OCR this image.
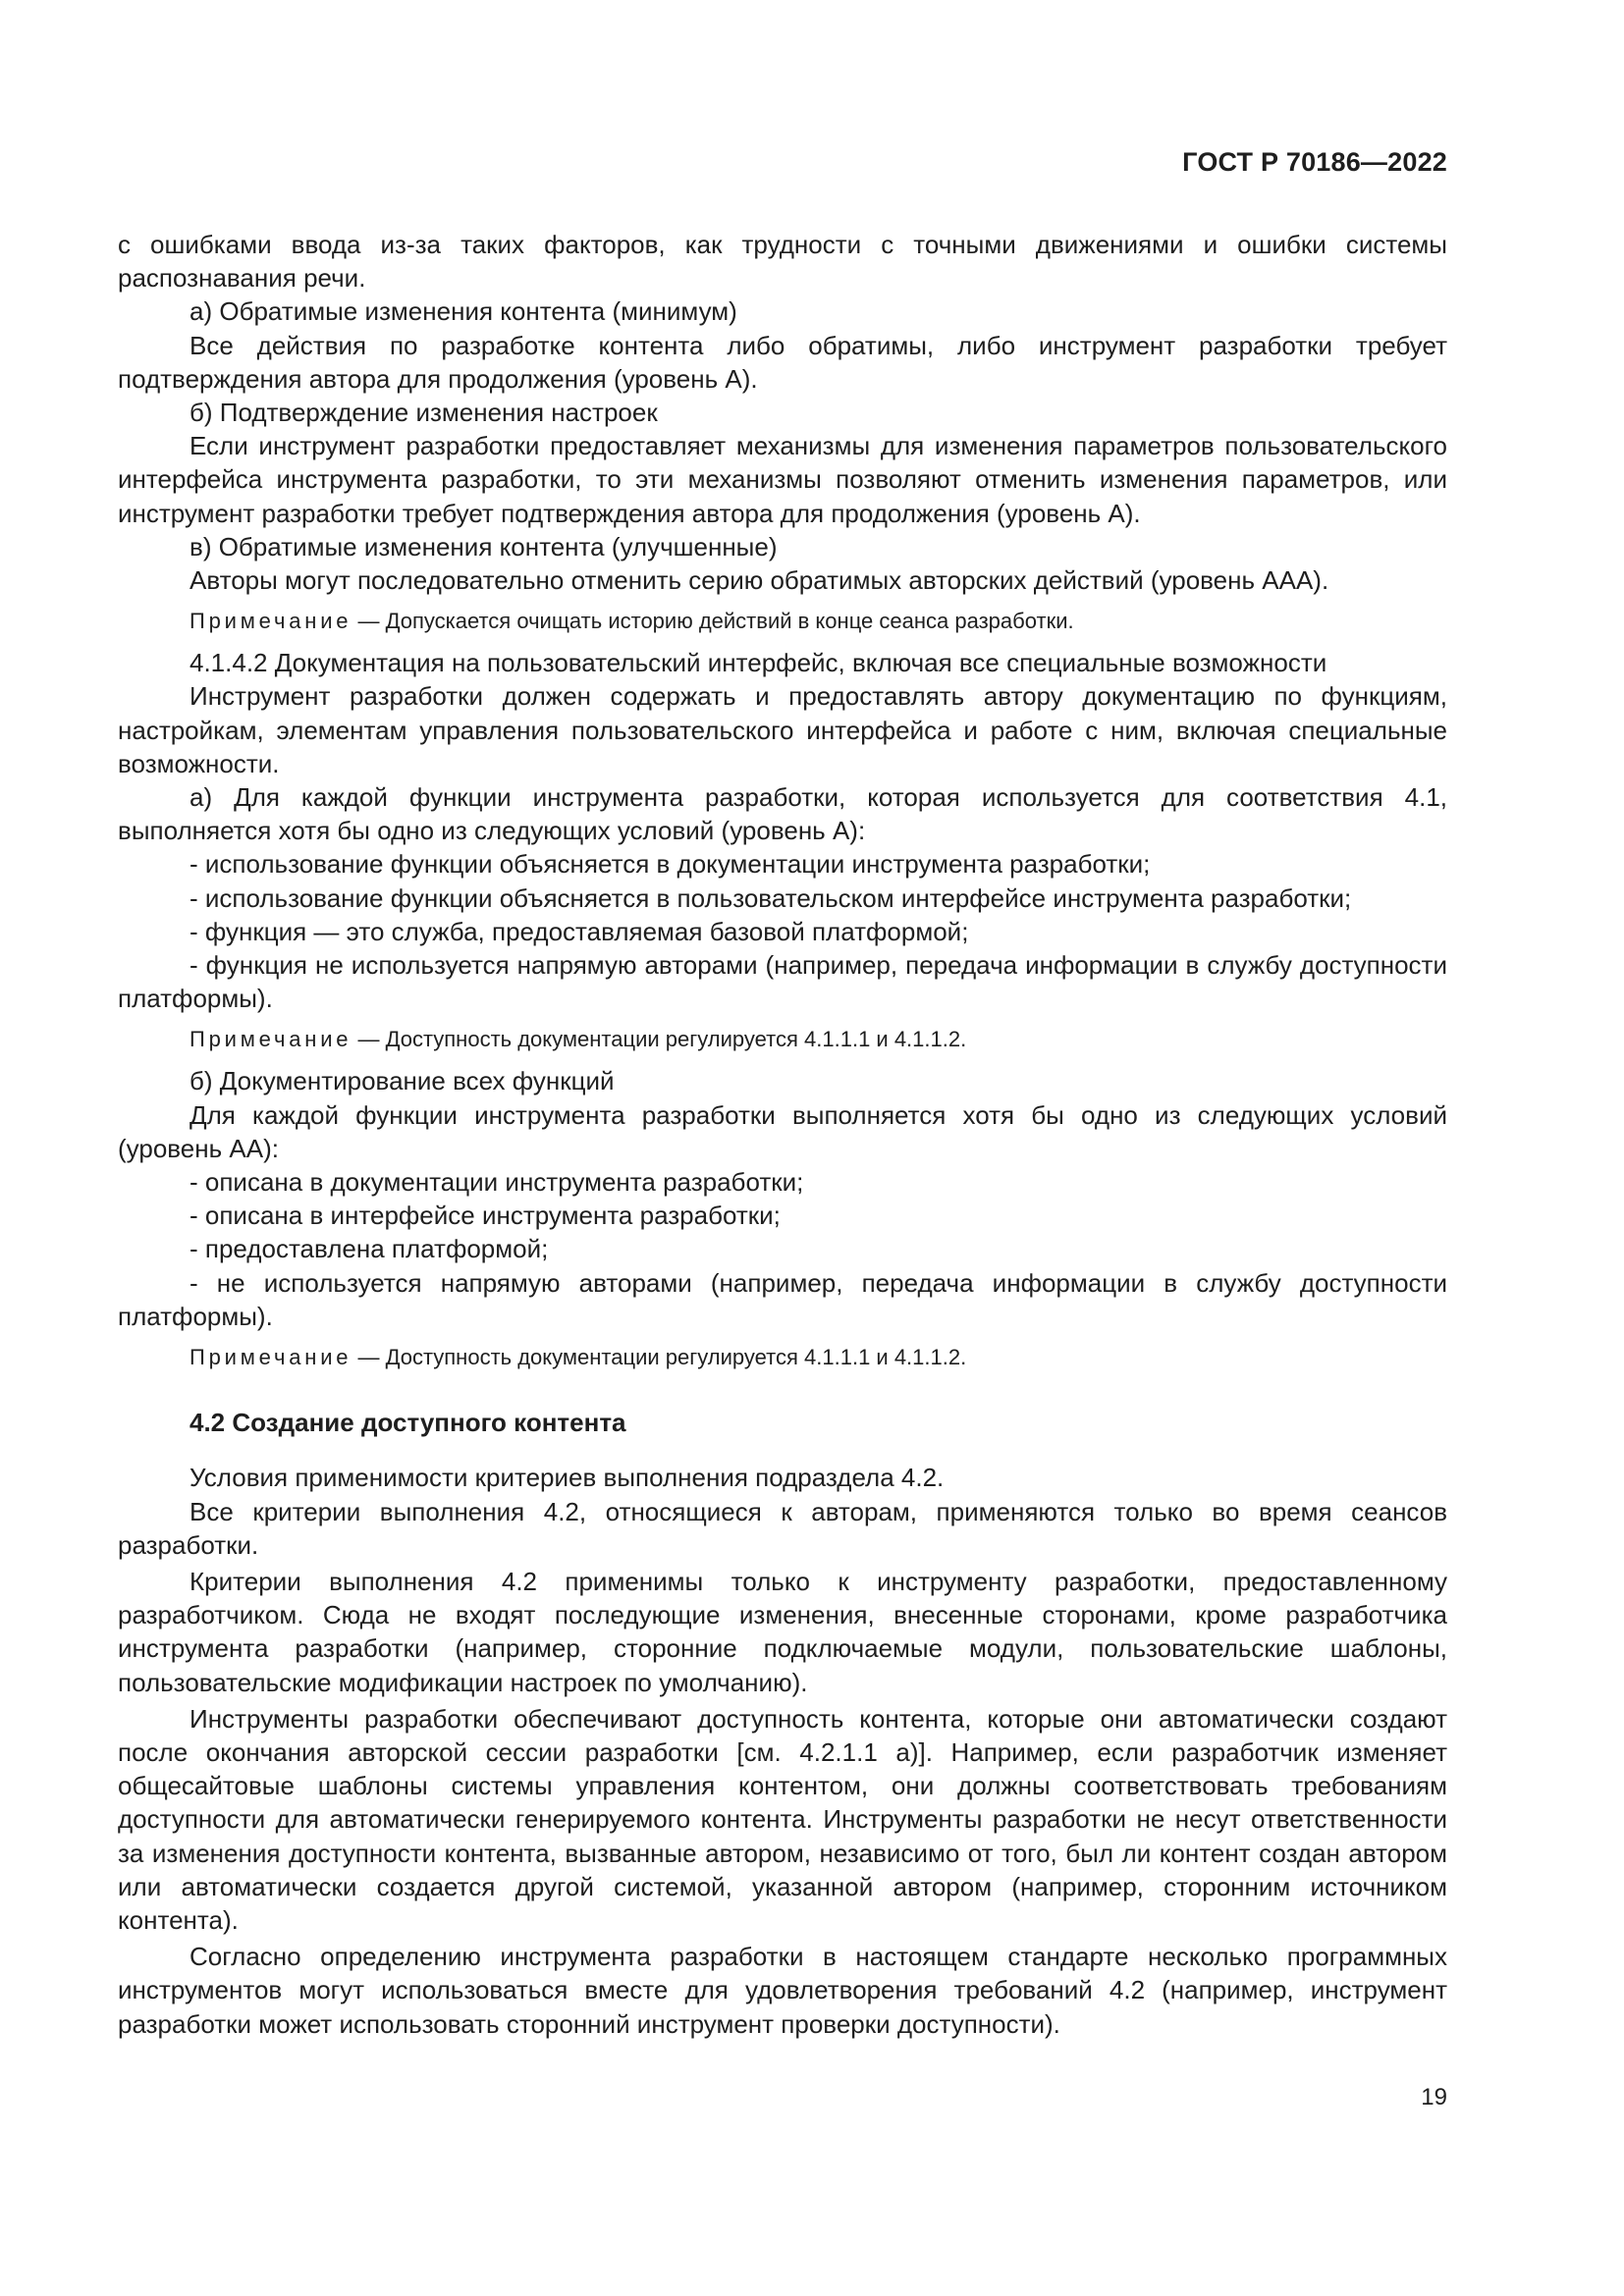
ГОСТ Р 70186—2022

с ошибками ввода из-за таких факторов, как трудности с точными движениями и ошибки системы распознавания речи.

а) Обратимые изменения контента (минимум)

Все действия по разработке контента либо обратимы, либо инструмент разработки требует подтверждения автора для продолжения (уровень А).

б) Подтверждение изменения настроек

Если инструмент разработки предоставляет механизмы для изменения параметров пользовательского интерфейса инструмента разработки, то эти механизмы позволяют отменить изменения параметров, или инструмент разработки требует подтверждения автора для продолжения (уровень А).

в) Обратимые изменения контента (улучшенные)

Авторы могут последовательно отменить серию обратимых авторских действий (уровень ААА).

Примечание — Допускается очищать историю действий в конце сеанса разработки.

4.1.4.2 Документация на пользовательский интерфейс, включая все специальные возможности

Инструмент разработки должен содержать и предоставлять автору документацию по функциям, настройкам, элементам управления пользовательского интерфейса и работе с ним, включая специальные возможности.

а) Для каждой функции инструмента разработки, которая используется для соответствия 4.1, выполняется хотя бы одно из следующих условий (уровень А):

- использование функции объясняется в документации инструмента разработки;

- использование функции объясняется в пользовательском интерфейсе инструмента разработки;

- функция — это служба, предоставляемая базовой платформой;

- функция не используется напрямую авторами (например, передача информации в службу доступности платформы).

Примечание — Доступность документации регулируется 4.1.1.1 и 4.1.1.2.

б) Документирование всех функций

Для каждой функции инструмента разработки выполняется хотя бы одно из следующих условий (уровень АА):

- описана в документации инструмента разработки;

- описана в интерфейсе инструмента разработки;

- предоставлена платформой;

- не используется напрямую авторами (например, передача информации в службу доступности платформы).

Примечание — Доступность документации регулируется 4.1.1.1 и 4.1.1.2.

4.2 Создание доступного контента

Условия применимости критериев выполнения подраздела 4.2.

Все критерии выполнения 4.2, относящиеся к авторам, применяются только во время сеансов разработки.

Критерии выполнения 4.2 применимы только к инструменту разработки, предоставленному разработчиком. Сюда не входят последующие изменения, внесенные сторонами, кроме разработчика инструмента разработки (например, сторонние подключаемые модули, пользовательские шаблоны, пользовательские модификации настроек по умолчанию).

Инструменты разработки обеспечивают доступность контента, которые они автоматически создают после окончания авторской сессии разработки [см. 4.2.1.1 а)]. Например, если разработчик изменяет общесайтовые шаблоны системы управления контентом, они должны соответствовать требованиям доступности для автоматически генерируемого контента. Инструменты разработки не несут ответственности за изменения доступности контента, вызванные автором, независимо от того, был ли контент создан автором или автоматически создается другой системой, указанной автором (например, сторонним источником контента).

Согласно определению инструмента разработки в настоящем стандарте несколько программных инструментов могут использоваться вместе для удовлетворения требований 4.2 (например, инструмент разработки может использовать сторонний инструмент проверки доступности).

19
